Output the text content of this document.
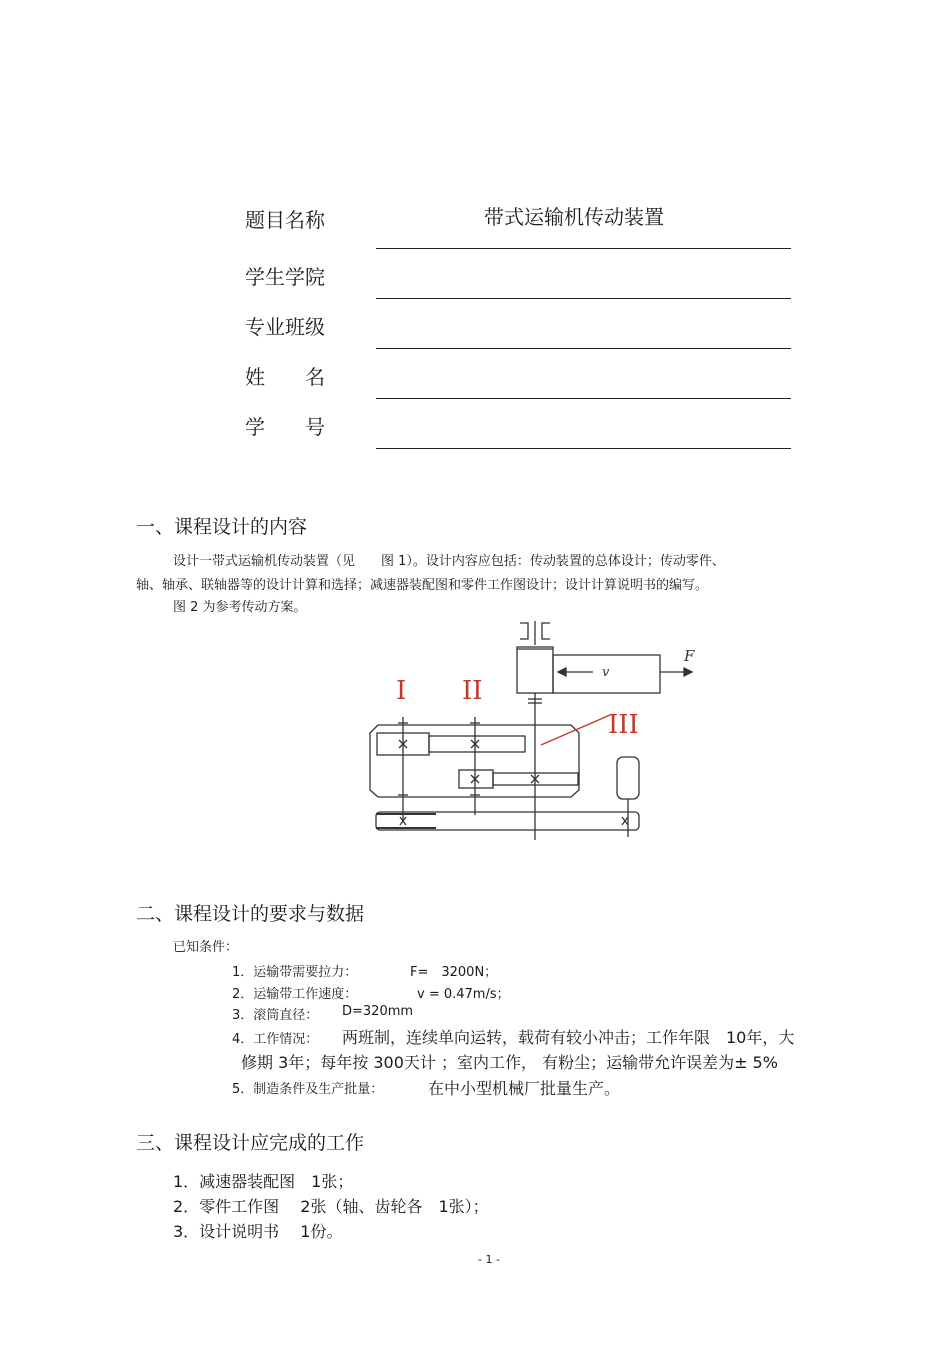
题目名称	带式运输机传动装置
学生学院
专业班级
姓　　名
学　　号
一、课程设计的内容
设计一带式运输机传动装置（见　　图 1）。设计内容应包括：传动装置的总体设计；传动零件、
轴、轴承、联轴器等的设计计算和选择；减速器装配图和零件工作图设计；设计计算说明书的编写。
图 2 为参考传动方案。
I II
III
F
v
二、课程设计的要求与数据
已知条件：
1．运输带需要拉力：	F=　3200N；
2．运输带工作速度：	v = 0.47m/s；
3．滚筒直径： D=320mm
4．工作情况： 两班制，连续单向运转，载荷有较小冲击；工作年限　10年，大
修期 3年；每年按 300天计 ；室内工作， 有粉尘；运输带允许误差为± 5%
5．制造条件及生产批量：	在中小型机械厂批量生产。
三、课程设计应完成的工作
1．减速器装配图　1张；
2．零件工作图　 2张（轴、齿轮各　1张）；
3．设计说明书　 1份。
- 1 -
